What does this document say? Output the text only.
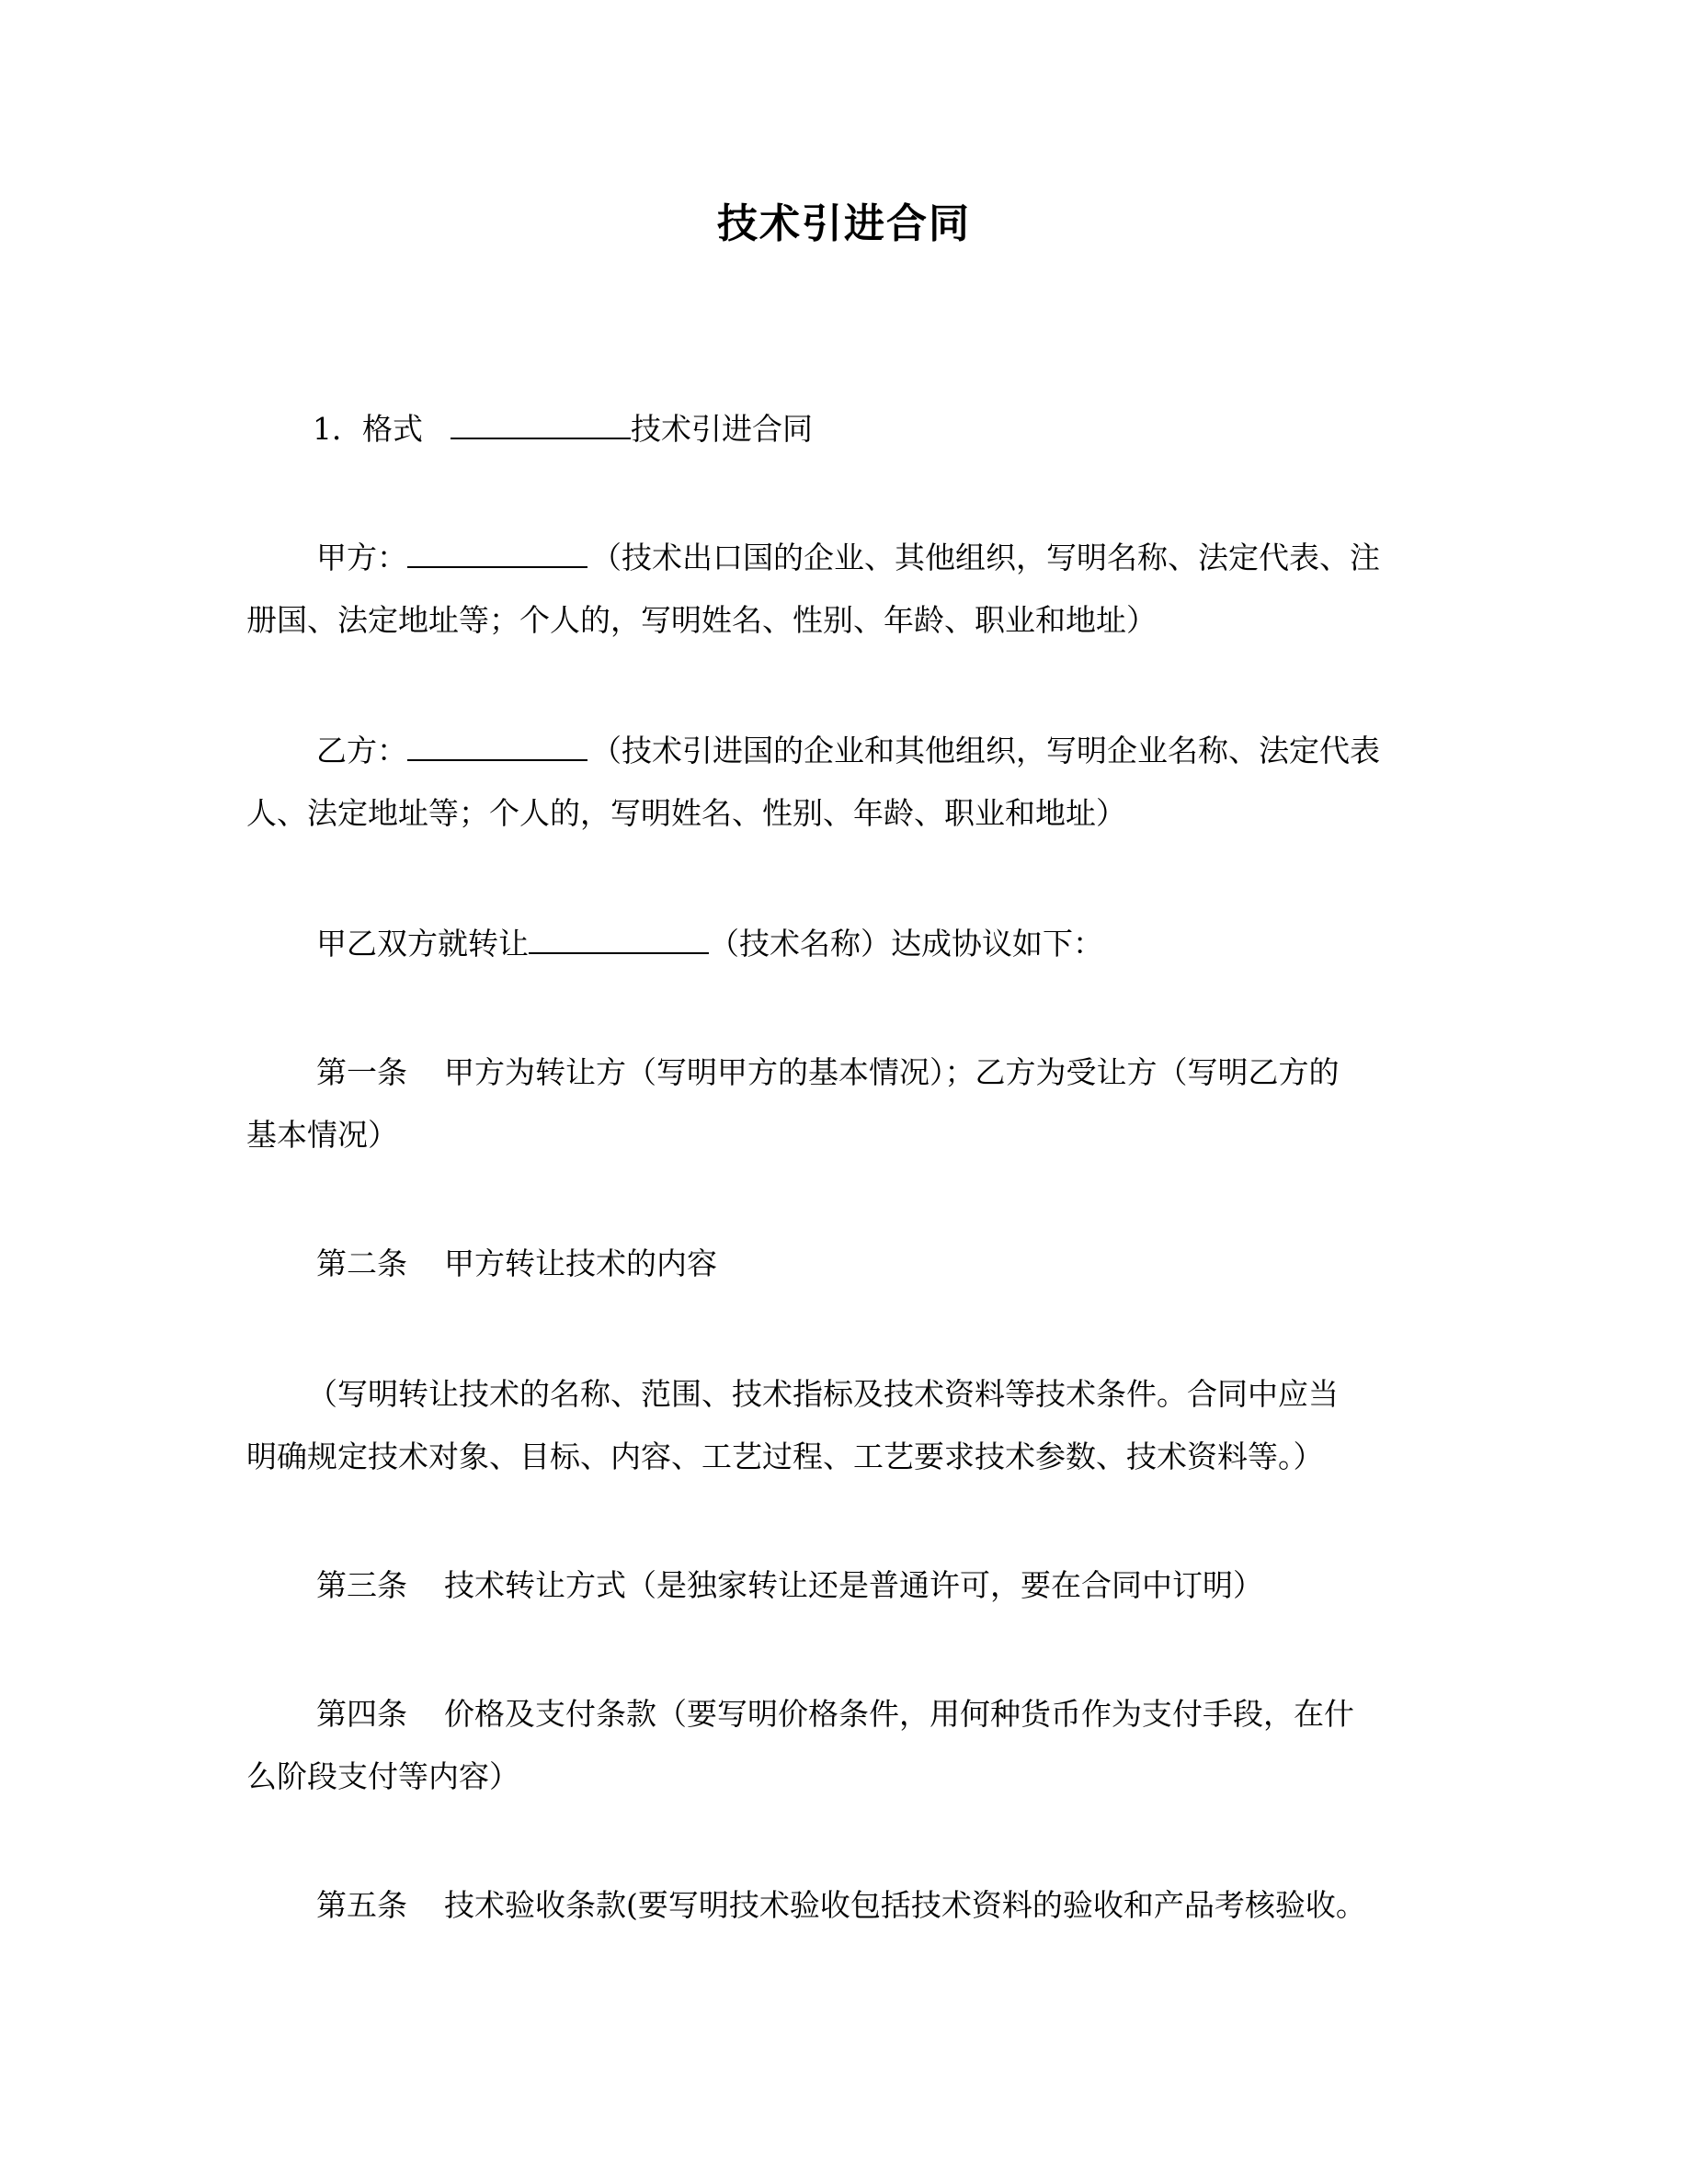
技术引进合同
1．格式	技术引进合同
甲方：	（技术出口国的企业、其他组织，写明名称、法定代表、注
册国、法定地址等；个人的，写明姓名、性别、年龄、职业和地址）
乙方：	（技术引进国的企业和其他组织，写明企业名称、法定代表
人、法定地址等；个人的，写明姓名、性别、年龄、职业和地址）
甲乙双方就转让	（技术名称）达成协议如下：
第一条 甲方为转让方（写明甲方的基本情况）；乙方为受让方（写明乙方的
基本情况）
第二条 甲方转让技术的内容
（写明转让技术的名称、范围、技术指标及技术资料等技术条件。合同中应当
明确规定技术对象、目标、内容、工艺过程、工艺要求技术参数、技术资料等。）
第三条 技术转让方式（是独家转让还是普通许可，要在合同中订明）
第四条 价格及支付条款（要写明价格条件，用何种货币作为支付手段，在什
么阶段支付等内容）
第五条 技术验收条款(要写明技术验收包括技术资料的验收和产品考核验收。
